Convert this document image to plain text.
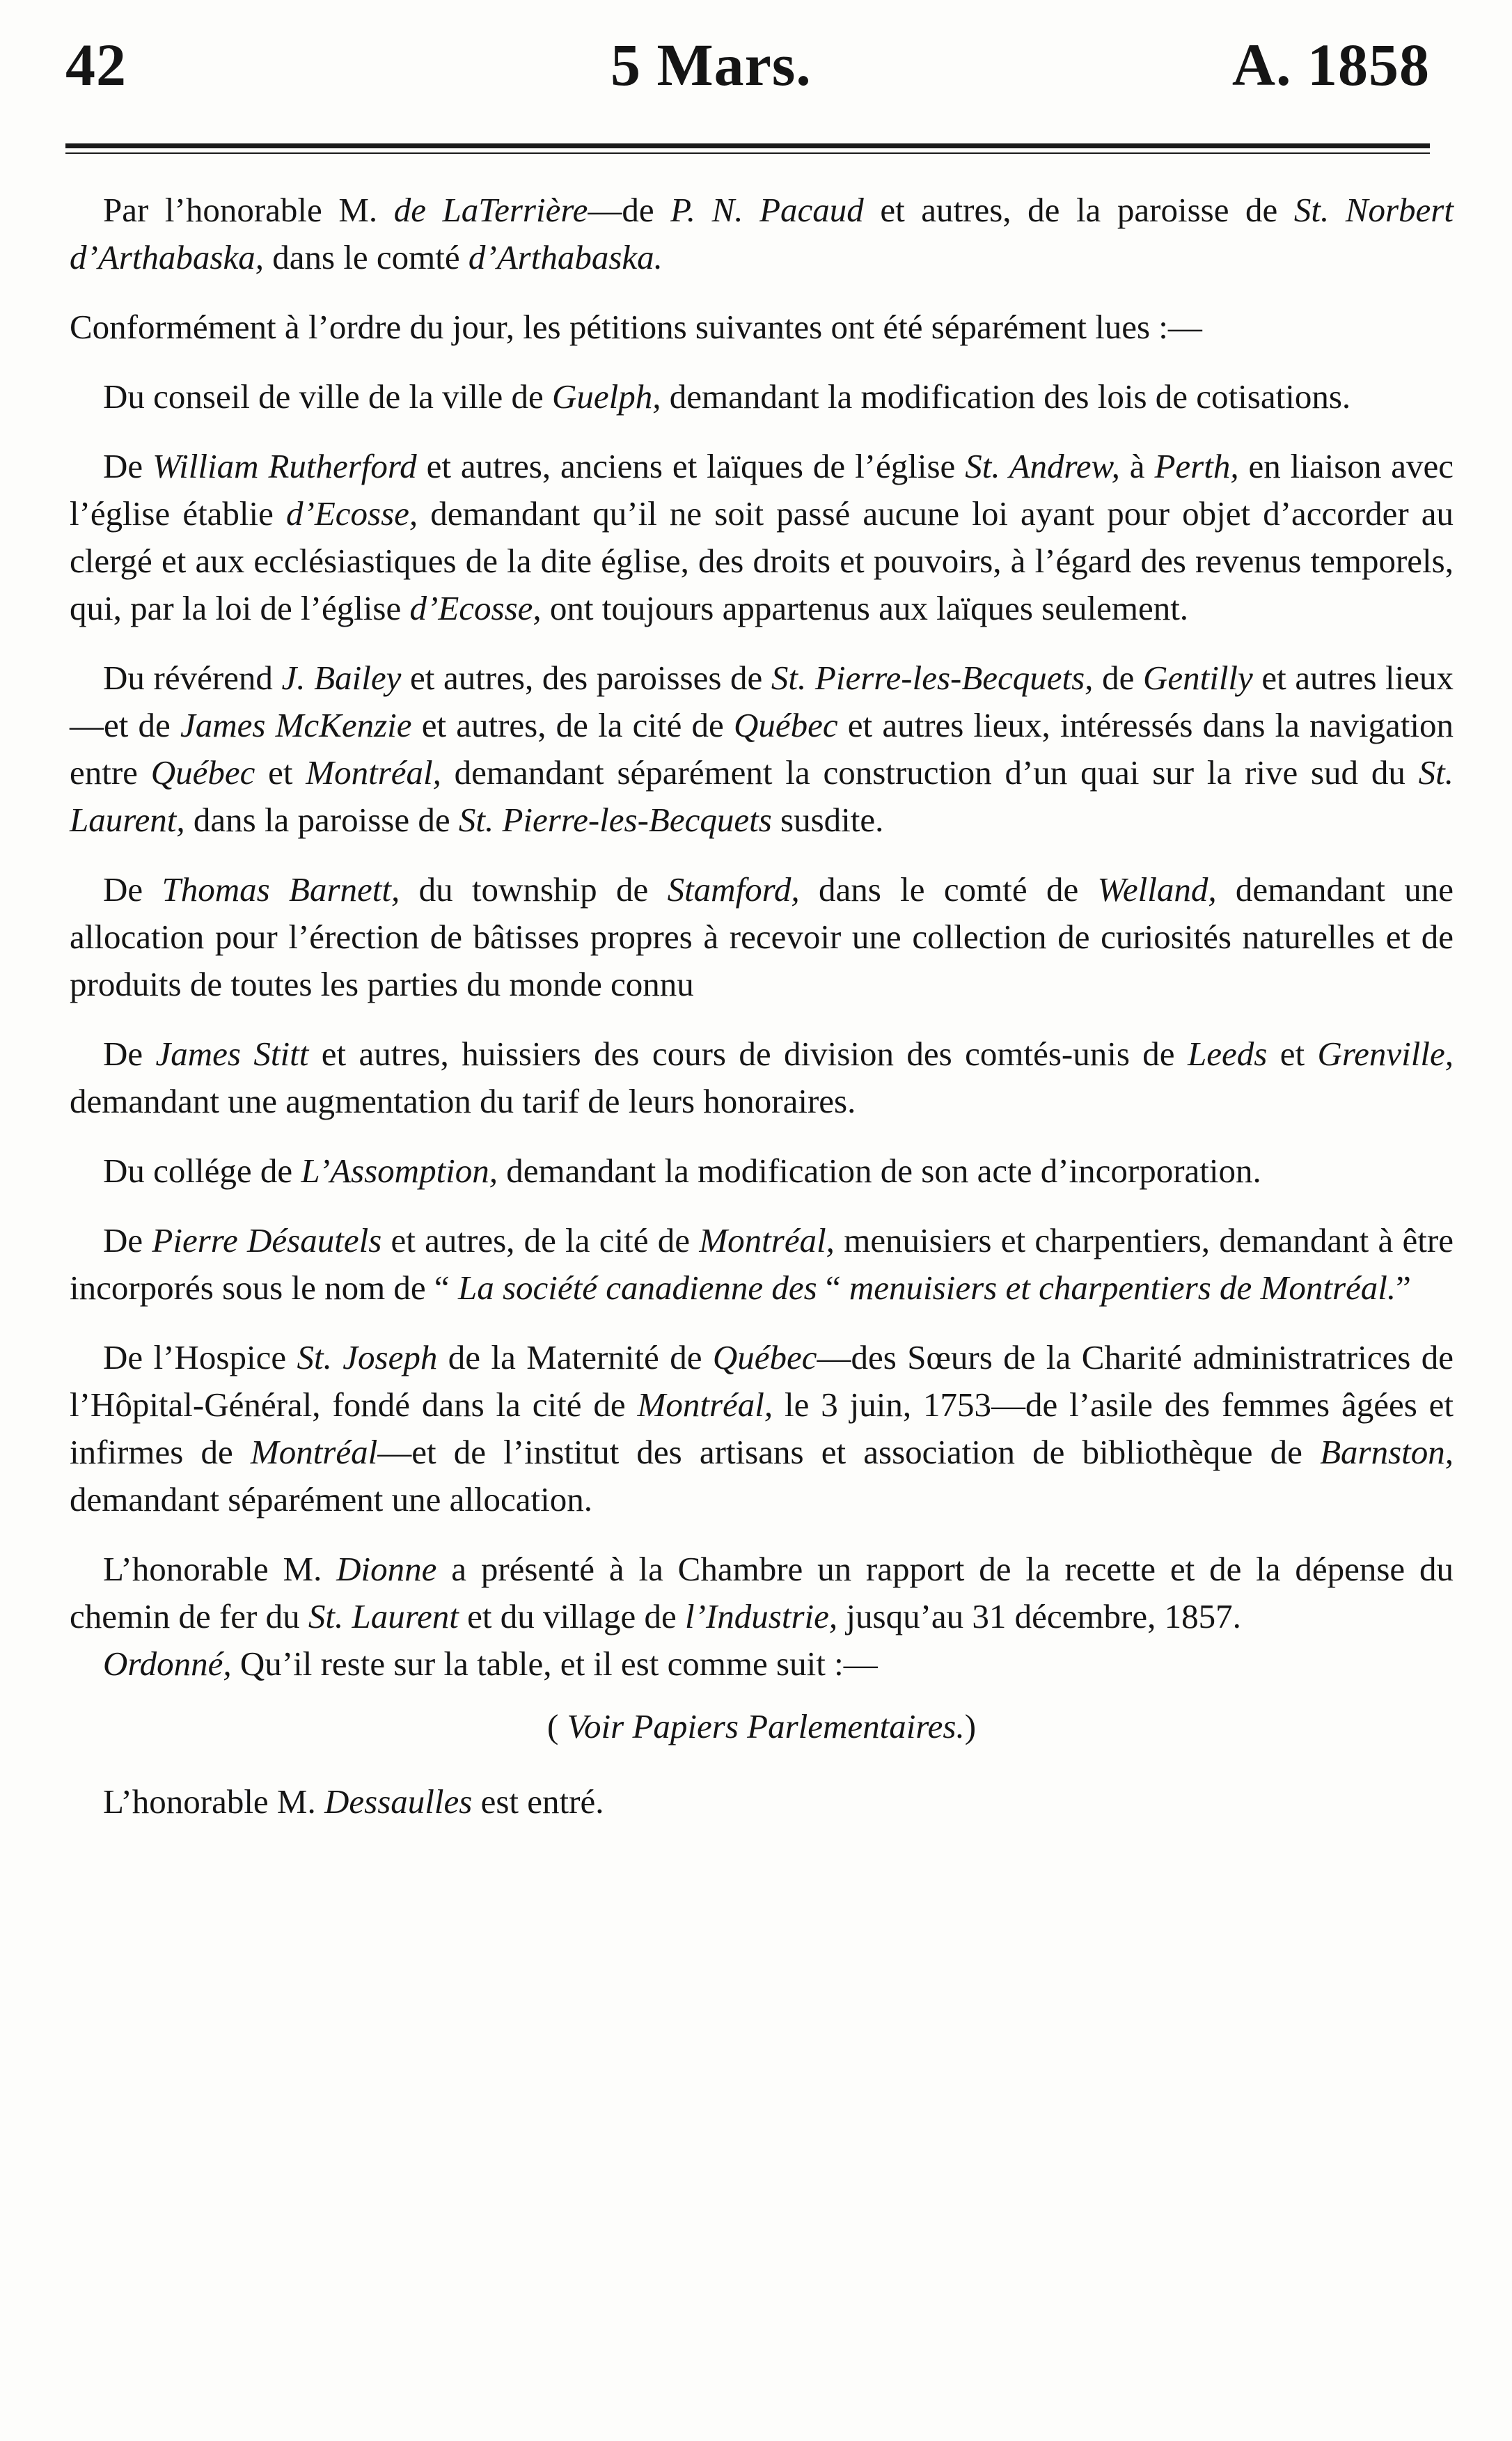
42	5 Mars.	A. 1858

Par l’honorable M. de LaTerrière—de P. N. Pacaud et autres, de la paroisse de St. Norbert d’Arthabaska, dans le comté d’Arthabaska.

Conformément à l’ordre du jour, les pétitions suivantes ont été séparément lues :—

Du conseil de ville de la ville de Guelph, demandant la modification des lois de cotisations.

De William Rutherford et autres, anciens et laïques de l’église St. Andrew, à Perth, en liaison avec l’église établie d’Ecosse, demandant qu’il ne soit passé aucune loi ayant pour objet d’accorder au clergé et aux ecclésiastiques de la dite église, des droits et pouvoirs, à l’égard des revenus temporels, qui, par la loi de l’église d’Ecosse, ont toujours appartenus aux laïques seulement.

Du révérend J. Bailey et autres, des paroisses de St. Pierre-les-Becquets, de Gentilly et autres lieux—et de James McKenzie et autres, de la cité de Québec et autres lieux, intéressés dans la navigation entre Québec et Montréal, demandant séparément la construction d’un quai sur la rive sud du St. Laurent, dans la paroisse de St. Pierre-les-Becquets susdite.

De Thomas Barnett, du township de Stamford, dans le comté de Welland, demandant une allocation pour l’érection de bâtisses propres à recevoir une collection de curiosités naturelles et de produits de toutes les parties du monde connu

De James Stitt et autres, huissiers des cours de division des comtés-unis de Leeds et Grenville, demandant une augmentation du tarif de leurs honoraires.

Du collége de L’Assomption, demandant la modification de son acte d’incorporation.

De Pierre Désautels et autres, de la cité de Montréal, menuisiers et charpentiers, demandant à être incorporés sous le nom de “ La société canadienne des “ menuisiers et charpentiers de Montréal.”

De l’Hospice St. Joseph de la Maternité de Québec—des Sœurs de la Charité administratrices de l’Hôpital-Général, fondé dans la cité de Montréal, le 3 juin, 1753—de l’asile des femmes âgées et infirmes de Montréal—et de l’institut des artisans et association de bibliothèque de Barnston, demandant séparément une allocation.

L’honorable M. Dionne a présenté à la Chambre un rapport de la recette et de la dépense du chemin de fer du St. Laurent et du village de l’Industrie, jusqu’au 31 décembre, 1857.

Ordonné, Qu’il reste sur la table, et il est comme suit :—

( Voir Papiers Parlementaires.)

L’honorable M. Dessaulles est entré.
